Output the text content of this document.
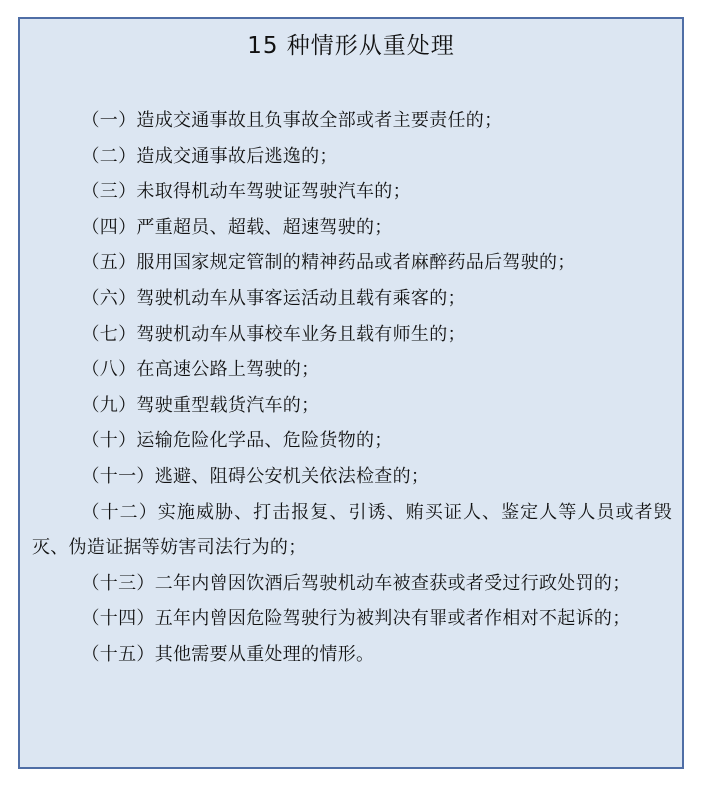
15 种情形从重处理
（一）造成交通事故且负事故全部或者主要责任的；
（二）造成交通事故后逃逸的；
（三）未取得机动车驾驶证驾驶汽车的；
（四）严重超员、超载、超速驾驶的；
（五）服用国家规定管制的精神药品或者麻醉药品后驾驶的；
（六）驾驶机动车从事客运活动且载有乘客的；
（七）驾驶机动车从事校车业务且载有师生的；
（八）在高速公路上驾驶的；
（九）驾驶重型载货汽车的；
（十）运输危险化学品、危险货物的；
（十一）逃避、阻碍公安机关依法检查的；
（十二）实施威胁、打击报复、引诱、贿买证人、鉴定人等人员或者毁灭、伪造证据等妨害司法行为的；
（十三）二年内曾因饮酒后驾驶机动车被查获或者受过行政处罚的；
（十四）五年内曾因危险驾驶行为被判决有罪或者作相对不起诉的；
（十五）其他需要从重处理的情形。
